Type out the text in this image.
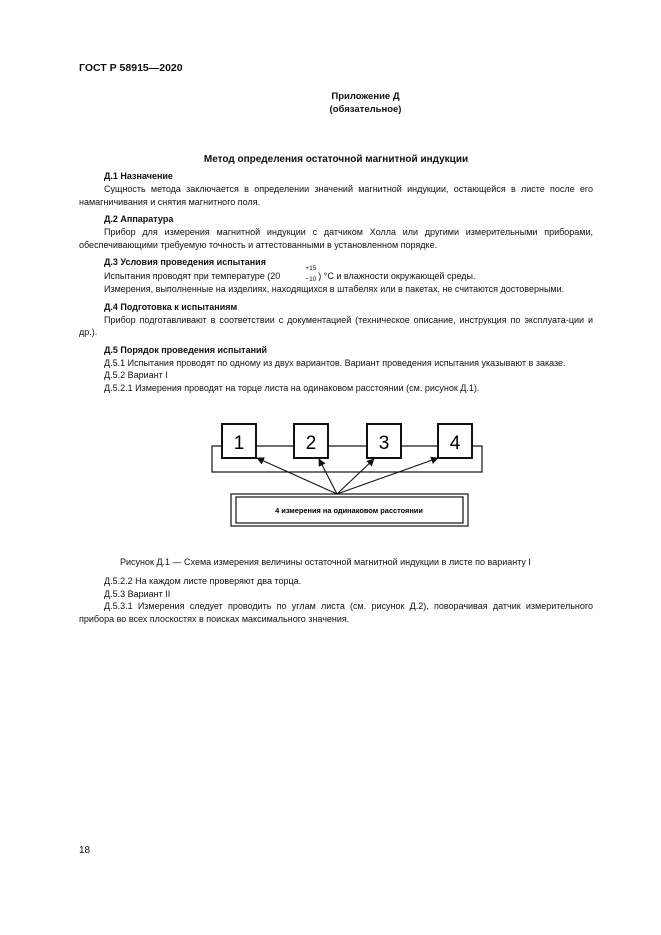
ГОСТ Р 58915—2020
Приложение Д
(обязательное)
Метод определения остаточной магнитной индукции

Д.1 Назначение

Сущность метода заключается в определении значений магнитной индукции, остающейся в листе после его намагничивания и снятия магнитного поля.

Д.2 Аппаратура

Прибор для измерения магнитной индукции с датчиком Холла или другими измерительными приборами, обеспечивающими требуемую точность и аттестованными в установленном порядке.

Д.3 Условия проведения испытания

Испытания проводят при температуре (20
+15
−10 ) °С и влажности окружающей среды.

Измерения, выполненные на изделиях, находящихся в штабелях или в пакетах, не считаются достоверными.

Д.4 Подготовка к испытаниям

Прибор подготавливают в соответствии с документацией (техническое описание, инструкция по эксплуата-ции и др.).

Д.5 Порядок проведения испытаний

Д.5.1 Испытания проводят по одному из двух вариантов. Вариант проведения испытания указывают в заказе.

Д.5.2 Вариант I

Д.5.2.1 Измерения проводят на торце листа на одинаковом расстоянии (см. рисунок Д.1).

1	2	3	4
4 измерения на одинаковом расстоянии
Рисунок Д.1 — Схема измерения величины остаточной магнитной индукции в листе по варианту I

Д.5.2.2 На каждом листе проверяют два торца.

Д.5.3 Вариант II

Д.5.3.1 Измерения следует проводить по углам листа (см. рисунок Д.2), поворачивая датчик измерительного прибора во всех плоскостях в поисках максимального значения.

18
